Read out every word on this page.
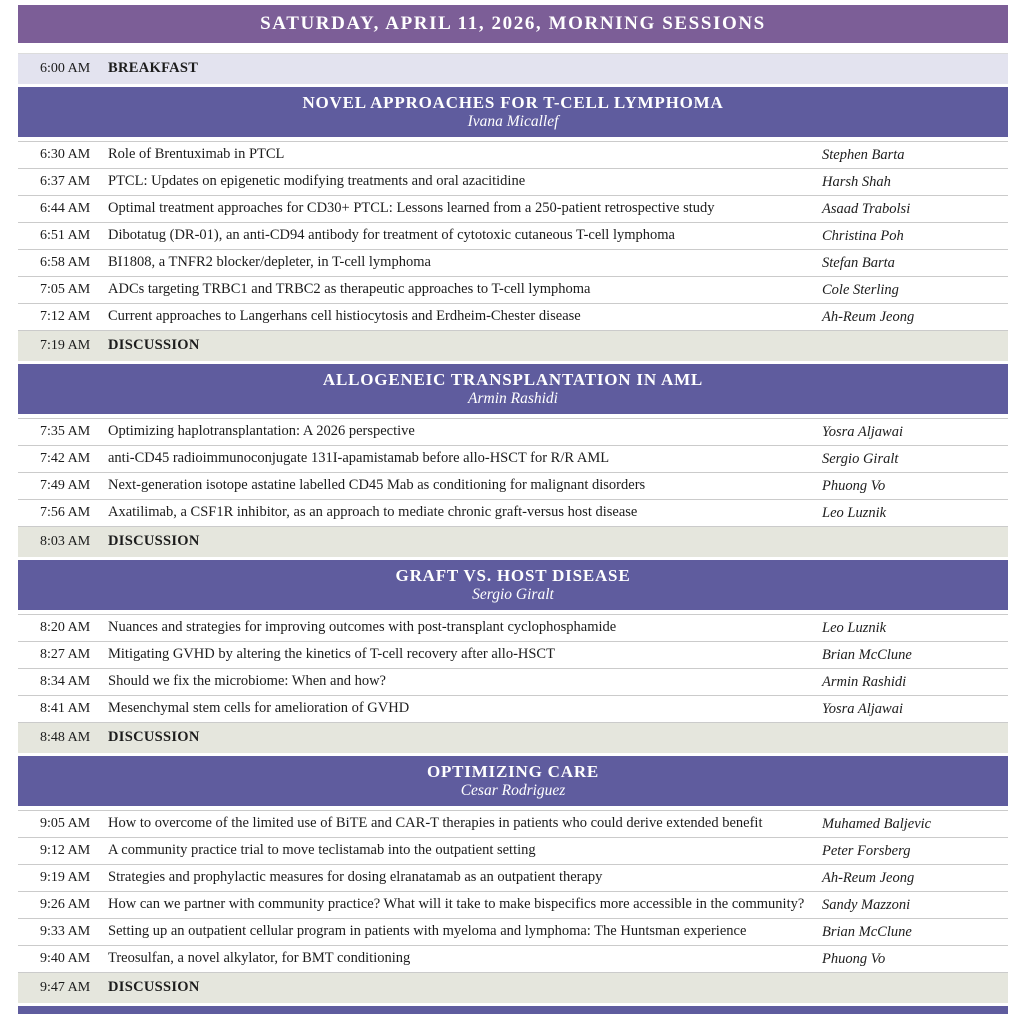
SATURDAY, APRIL 11, 2026, MORNING SESSIONS
6:00 AM	BREAKFAST
NOVEL APPROACHES FOR T-CELL LYMPHOMA
Ivana Micallef
6:30 AM	Role of Brentuximab in PTCL	Stephen Barta
6:37 AM	PTCL: Updates on epigenetic modifying treatments and oral azacitidine	Harsh Shah
6:44 AM	Optimal treatment approaches for CD30+ PTCL: Lessons learned from a 250-patient retrospective study	Asaad Trabolsi
6:51 AM	Dibotatug (DR-01), an anti-CD94 antibody for treatment of cytotoxic cutaneous T-cell lymphoma	Christina Poh
6:58 AM	BI1808, a TNFR2 blocker/depleter, in T-cell lymphoma	Stefan Barta
7:05 AM	ADCs targeting TRBC1 and TRBC2 as therapeutic approaches to T-cell lymphoma	Cole Sterling
7:12 AM	Current approaches to Langerhans cell histiocytosis and Erdheim-Chester disease	Ah-Reum Jeong
7:19 AM	DISCUSSION
ALLOGENEIC TRANSPLANTATION IN AML
Armin Rashidi
7:35 AM	Optimizing haplotransplantation: A 2026 perspective	Yosra Aljawai
7:42 AM	anti-CD45 radioimmunoconjugate 131I-apamistamab before allo-HSCT for R/R AML	Sergio Giralt
7:49 AM	Next-generation isotope astatine labelled CD45 Mab as conditioning for malignant disorders	Phuong Vo
7:56 AM	Axatilimab, a CSF1R inhibitor, as an approach to mediate chronic graft-versus host disease	Leo Luznik
8:03 AM	DISCUSSION
GRAFT VS. HOST DISEASE
Sergio Giralt
8:20 AM	Nuances and strategies for improving outcomes with post-transplant cyclophosphamide	Leo Luznik
8:27 AM	Mitigating GVHD by altering the kinetics of T-cell recovery after allo-HSCT	Brian McClune
8:34 AM	Should we fix the microbiome: When and how?	Armin Rashidi
8:41 AM	Mesenchymal stem cells for amelioration of GVHD	Yosra Aljawai
8:48 AM	DISCUSSION
OPTIMIZING CARE
Cesar Rodriguez
9:05 AM	How to overcome of the limited use of BiTE and CAR-T therapies in patients who could derive extended benefit	Muhamed Baljevic
9:12 AM	A community practice trial to move teclistamab into the outpatient setting	Peter Forsberg
9:19 AM	Strategies and prophylactic measures for dosing elranatamab as an outpatient therapy	Ah-Reum Jeong
9:26 AM	How can we partner with community practice? What will it take to make bispecifics more accessible in the community?	Sandy Mazzoni
9:33 AM	Setting up an outpatient cellular program in patients with myeloma and lymphoma: The Huntsman experience	Brian McClune
9:40 AM	Treosulfan, a novel alkylator, for BMT conditioning	Phuong Vo
9:47 AM	DISCUSSION
